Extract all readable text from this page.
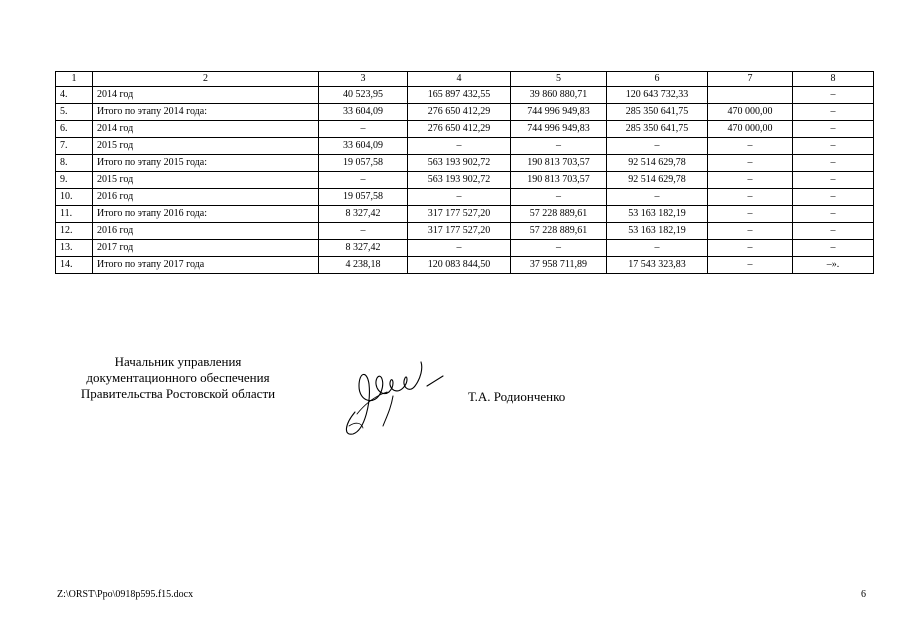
1	2	3	4	5	6	7	8
4.	2014 год	40 523,95	165 897 432,55	39 860 880,71	120 643 732,33		–
5.	Итого по этапу 2014 года:	33 604,09	276 650 412,29	744 996 949,83	285 350 641,75	470 000,00	–
6.	2014 год	–	276 650 412,29	744 996 949,83	285 350 641,75	470 000,00	–
7.	2015 год	33 604,09	–	–	–	–	–
8.	Итого по этапу 2015 года:	19 057,58	563 193 902,72	190 813 703,57	92 514 629,78	–	–
9.	2015 год	–	563 193 902,72	190 813 703,57	92 514 629,78	–	–
10.	2016 год	19 057,58	–	–	–	–	–
11.	Итого по этапу 2016 года:	8 327,42	317 177 527,20	57 228 889,61	53 163 182,19	–	–
12.	2016 год	–	317 177 527,20	57 228 889,61	53 163 182,19	–	–
13.	2017 год	8 327,42	–	–	–	–	–
14.	Итого по этапу 2017 года	4 238,18	120 083 844,50	37 958 711,89	17 543 323,83	–	–».
Начальник управления
документационного обеспечения
Правительства Ростовской области	Т.А. Родионченко
Z:\ORST\Ppo\0918p595.f15.docx	6
